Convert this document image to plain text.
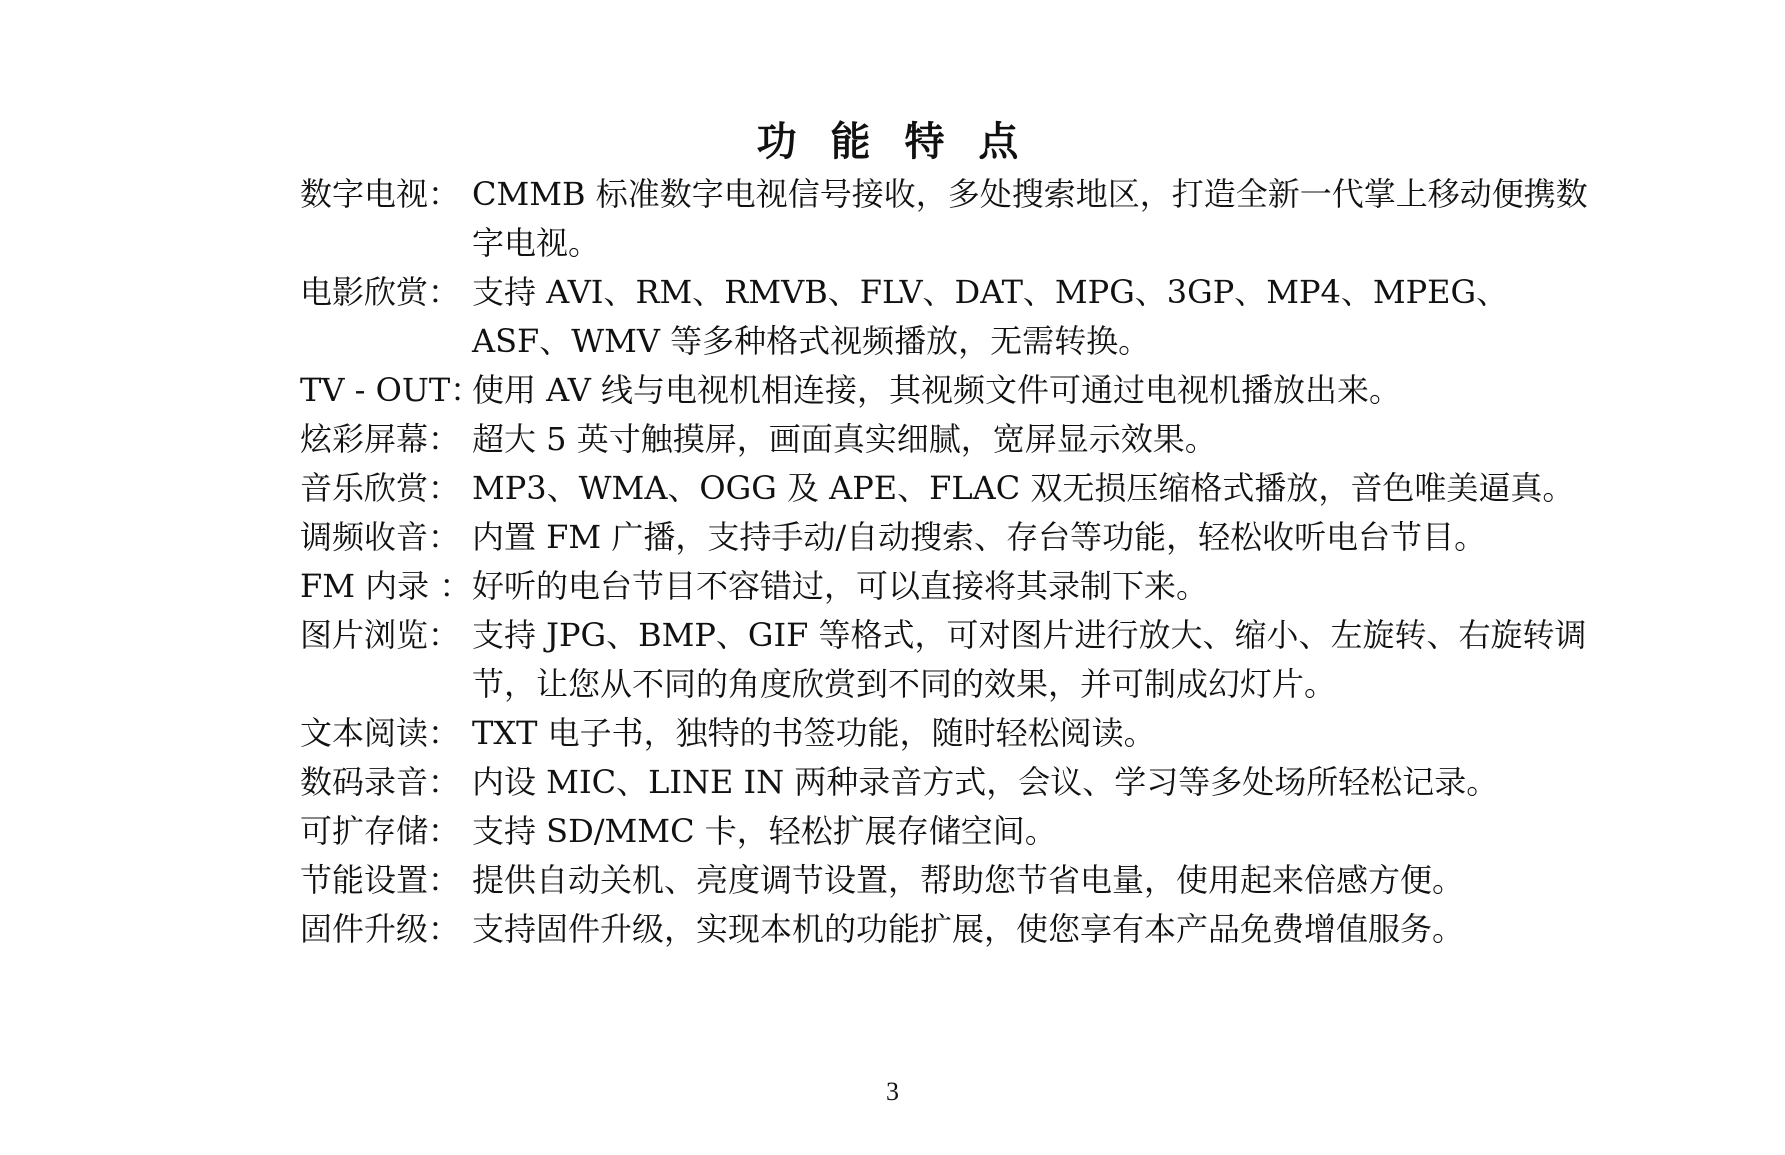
功 能 特 点
数字电视： CMMB 标准数字电视信号接收，多处搜索地区，打造全新一代掌上移动便携数字电视。
电影欣赏： 支持 AVI、RM、RMVB、FLV、DAT、MPG、3GP、MP4、MPEG、ASF、WMV 等多种格式视频播放，无需转换。
TV - OUT：
使用 AV 线与电视机相连接，其视频文件可通过电视机播放出来。
炫彩屏幕： 超大 5 英寸触摸屏，画面真实细腻，宽屏显示效果。
音乐欣赏： MP3、WMA、OGG 及 APE、FLAC 双无损压缩格式播放，音色唯美逼真。
调频收音： 内置 FM 广播，支持手动/自动搜索、存台等功能，轻松收听电台节目。
FM 内录 ： 好听的电台节目不容错过，可以直接将其录制下来。
图片浏览： 支持 JPG、BMP、GIF 等格式，可对图片进行放大、缩小、左旋转、右旋转调节，让您从不同的角度欣赏到不同的效果，并可制成幻灯片。
文本阅读： TXT 电子书，独特的书签功能，随时轻松阅读。
数码录音： 内设 MIC、LINE IN 两种录音方式，会议、学习等多处场所轻松记录。
可扩存储： 支持 SD/MMC 卡，轻松扩展存储空间。
节能设置： 提供自动关机、亮度调节设置，帮助您节省电量，使用起来倍感方便。
固件升级： 支持固件升级，实现本机的功能扩展，使您享有本产品免费增值服务。
3
